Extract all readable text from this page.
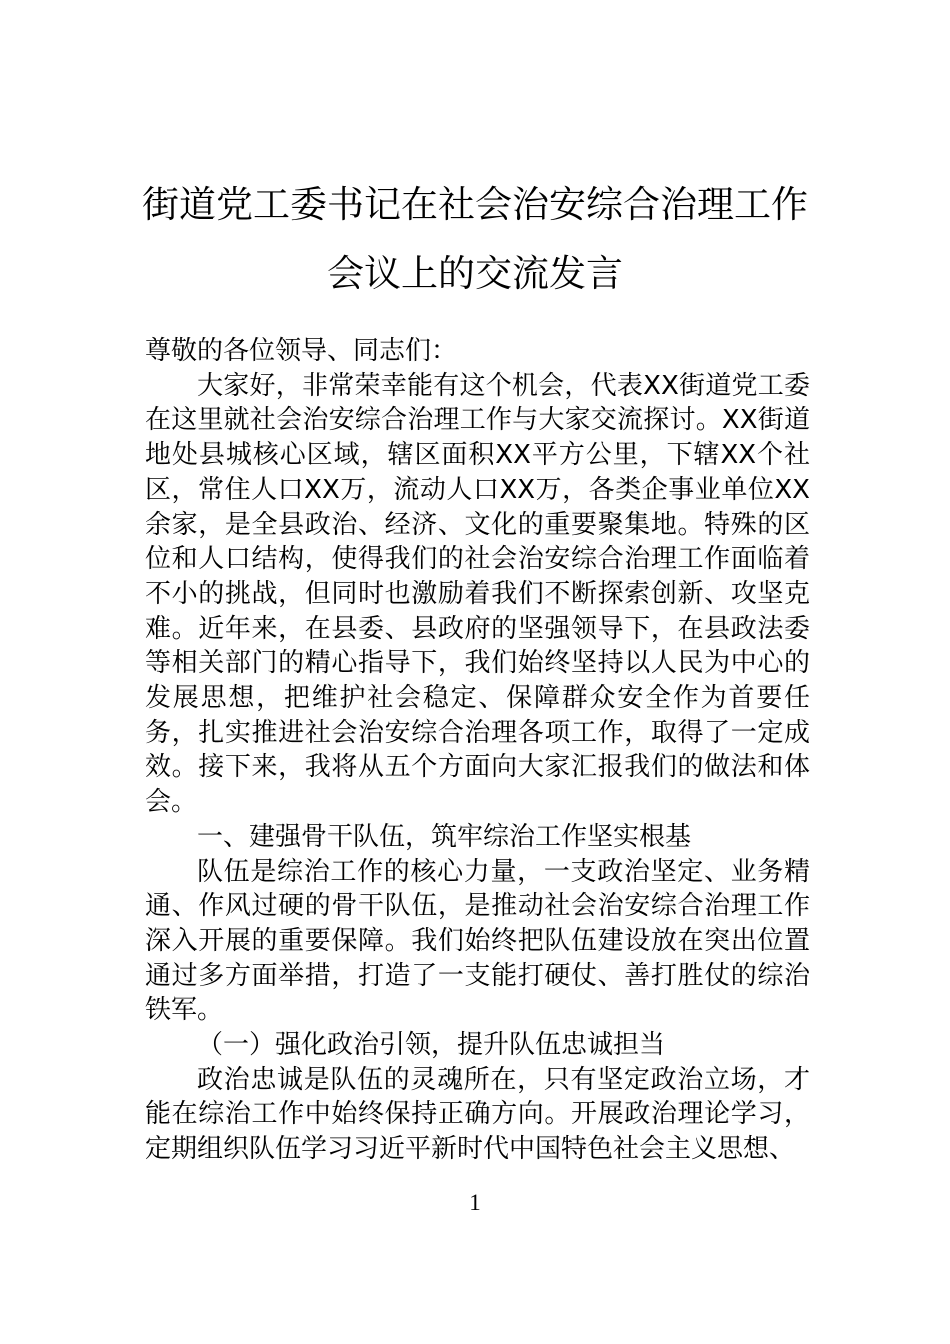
街道党工委书记在社会治安综合治理工作
会议上的交流发言

尊敬的各位领导、同志们：

大家好，非常荣幸能有这个机会，代表XX街道党工委在这里就社会治安综合治理工作与大家交流探讨。XX街道地处县城核心区域，辖区面积XX平方公里，下辖XX个社区，常住人口XX万，流动人口XX万，各类企事业单位XX余家，是全县政治、经济、文化的重要聚集地。特殊的区位和人口结构，使得我们的社会治安综合治理工作面临着不小的挑战，但同时也激励着我们不断探索创新、攻坚克难。近年来，在县委、县政府的坚强领导下，在县政法委等相关部门的精心指导下，我们始终坚持以人民为中心的发展思想，把维护社会稳定、保障群众安全作为首要任务，扎实推进社会治安综合治理各项工作，取得了一定成效。接下来，我将从五个方面向大家汇报我们的做法和体会。

一、建强骨干队伍，筑牢综治工作坚实根基

队伍是综治工作的核心力量，一支政治坚定、业务精通、作风过硬的骨干队伍，是推动社会治安综合治理工作深入开展的重要保障。我们始终把队伍建设放在突出位置通过多方面举措，打造了一支能打硬仗、善打胜仗的综治铁军。

（一）强化政治引领，提升队伍忠诚担当

政治忠诚是队伍的灵魂所在，只有坚定政治立场，才能在综治工作中始终保持正确方向。开展政治理论学习，定期组织队伍学习习近平新时代中国特色社会主义思想、

1
